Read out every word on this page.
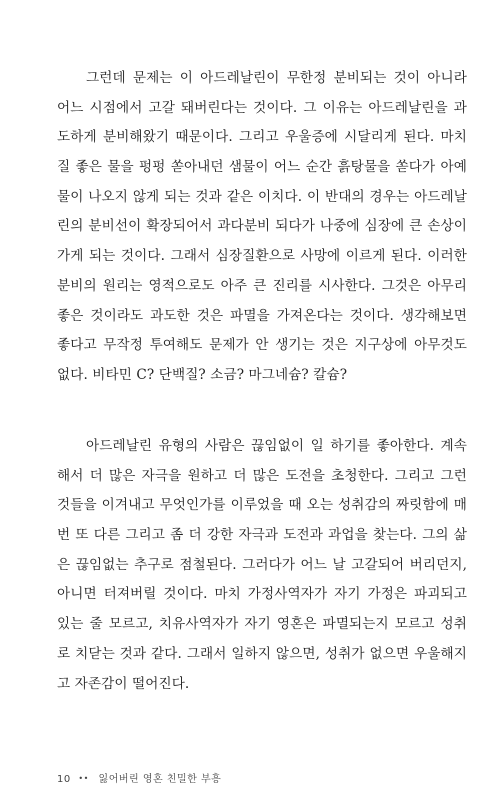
그런데 문제는 이 아드레날린이 무한정 분비되는 것이 아니라
어느 시점에서 고갈 돼버린다는 것이다. 그 이유는 아드레날린을 과
도하게 분비해왔기 때문이다. 그리고 우울증에 시달리게 된다. 마치
질 좋은 물을 펑펑 쏟아내던 샘물이 어느 순간 흙탕물을 쏟다가 아예
물이 나오지 않게 되는 것과 같은 이치다. 이 반대의 경우는 아드레날
린의 분비선이 확장되어서 과다분비 되다가 나중에 심장에 큰 손상이
가게 되는 것이다. 그래서 심장질환으로 사망에 이르게 된다. 이러한
분비의 원리는 영적으로도 아주 큰 진리를 시사한다. 그것은 아무리
좋은 것이라도 과도한 것은 파멸을 가져온다는 것이다. 생각해보면
좋다고 무작정 투여해도 문제가 안 생기는 것은 지구상에 아무것도
없다. 비타민 C? 단백질? 소금? 마그네슘? 칼슘?
아드레날린 유형의 사람은 끊임없이 일 하기를 좋아한다. 계속
해서 더 많은 자극을 원하고 더 많은 도전을 초청한다. 그리고 그런
것들을 이겨내고 무엇인가를 이루었을 때 오는 성취감의 짜릿함에 매
번 또 다른 그리고 좀 더 강한 자극과 도전과 과업을 찾는다. 그의 삶
은 끊임없는 추구로 점철된다. 그러다가 어느 날 고갈되어 버리던지,
아니면 터져버릴 것이다. 마치 가정사역자가 자기 가정은 파괴되고
있는 줄 모르고, 치유사역자가 자기 영혼은 파멸되는지 모르고 성취
로 치닫는 것과 같다. 그래서 일하지 않으면, 성취가 없으면 우울해지
고 자존감이 떨어진다.
10 •• 잃어버린 영혼 친밀한 부흥
